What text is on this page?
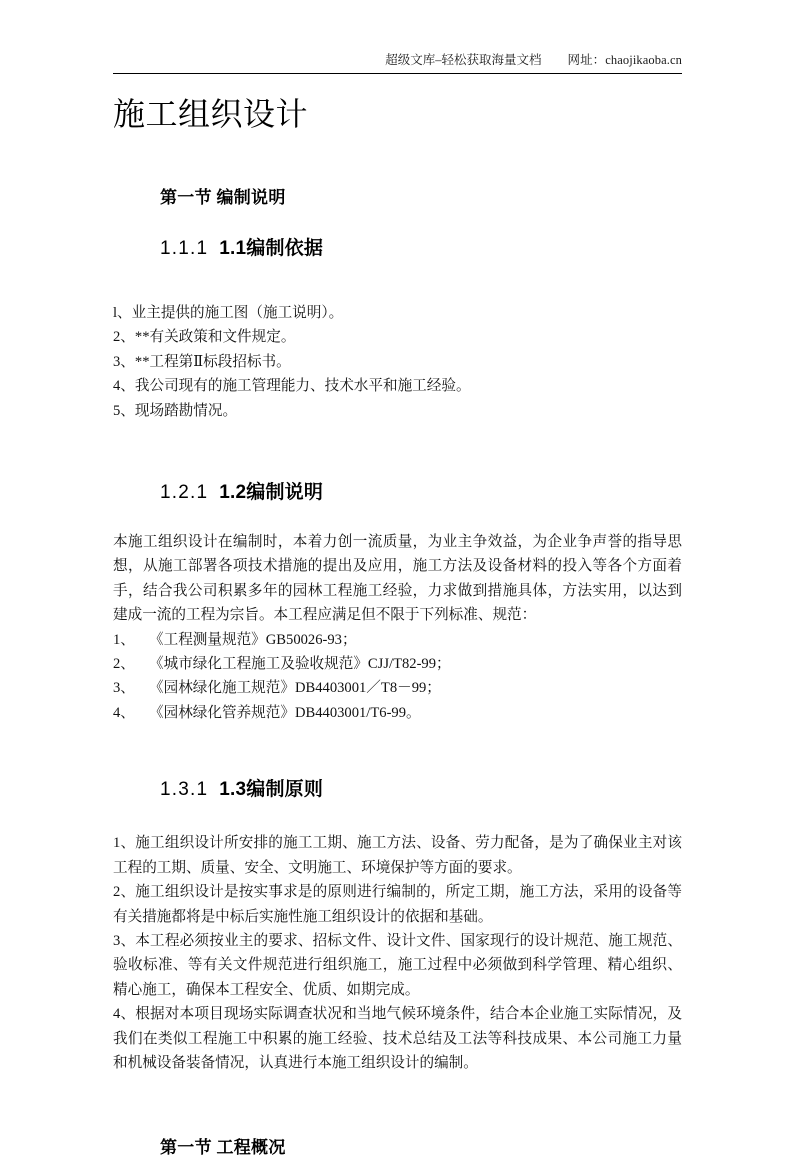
超级文库–轻松获取海量文档 网址：chaojikaoba.cn
施工组织设计
第一节 编制说明
1.1.1 1.1编制依据

l、业主提供的施工图（施工说明）。

2、**有关政策和文件规定。

3、**工程第Ⅱ标段招标书。

4、我公司现有的施工管理能力、技术水平和施工经验。

5、现场踏勘情况。

1.2.1 1.2编制说明

本施工组织设计在编制时，本着力创一流质量，为业主争效益，为企业争声誉的指导思想，从施工部署各项技术措施的提出及应用，施工方法及设备材料的投入等各个方面着手，结合我公司积累多年的园林工程施工经验，力求做到措施具体，方法实用，以达到建成一流的工程为宗旨。本工程应满足但不限于下列标准、规范：

1、 《工程测量规范》GB50026-93；

2、 《城市绿化工程施工及验收规范》CJJ/T82-99；

3、 《园林绿化施工规范》DB4403001／T8－99；

4、 《园林绿化管养规范》DB4403001/T6-99。

1.3.1 1.3编制原则

1、施工组织设计所安排的施工工期、施工方法、设备、劳力配备，是为了确保业主对该工程的工期、质量、安全、文明施工、环境保护等方面的要求。

2、施工组织设计是按实事求是的原则进行编制的，所定工期，施工方法，采用的设备等有关措施都将是中标后实施性施工组织设计的依据和基础。

3、本工程必须按业主的要求、招标文件、设计文件、国家现行的设计规范、施工规范、验收标准、等有关文件规范进行组织施工，施工过程中必须做到科学管理、精心组织、精心施工，确保本工程安全、优质、如期完成。

4、根据对本项目现场实际调查状况和当地气候环境条件，结合本企业施工实际情况，及我们在类似工程施工中积累的施工经验、技术总结及工法等科技成果、本公司施工力量和机械设备装备情况，认真进行本施工组织设计的编制。

第一节 工程概况
